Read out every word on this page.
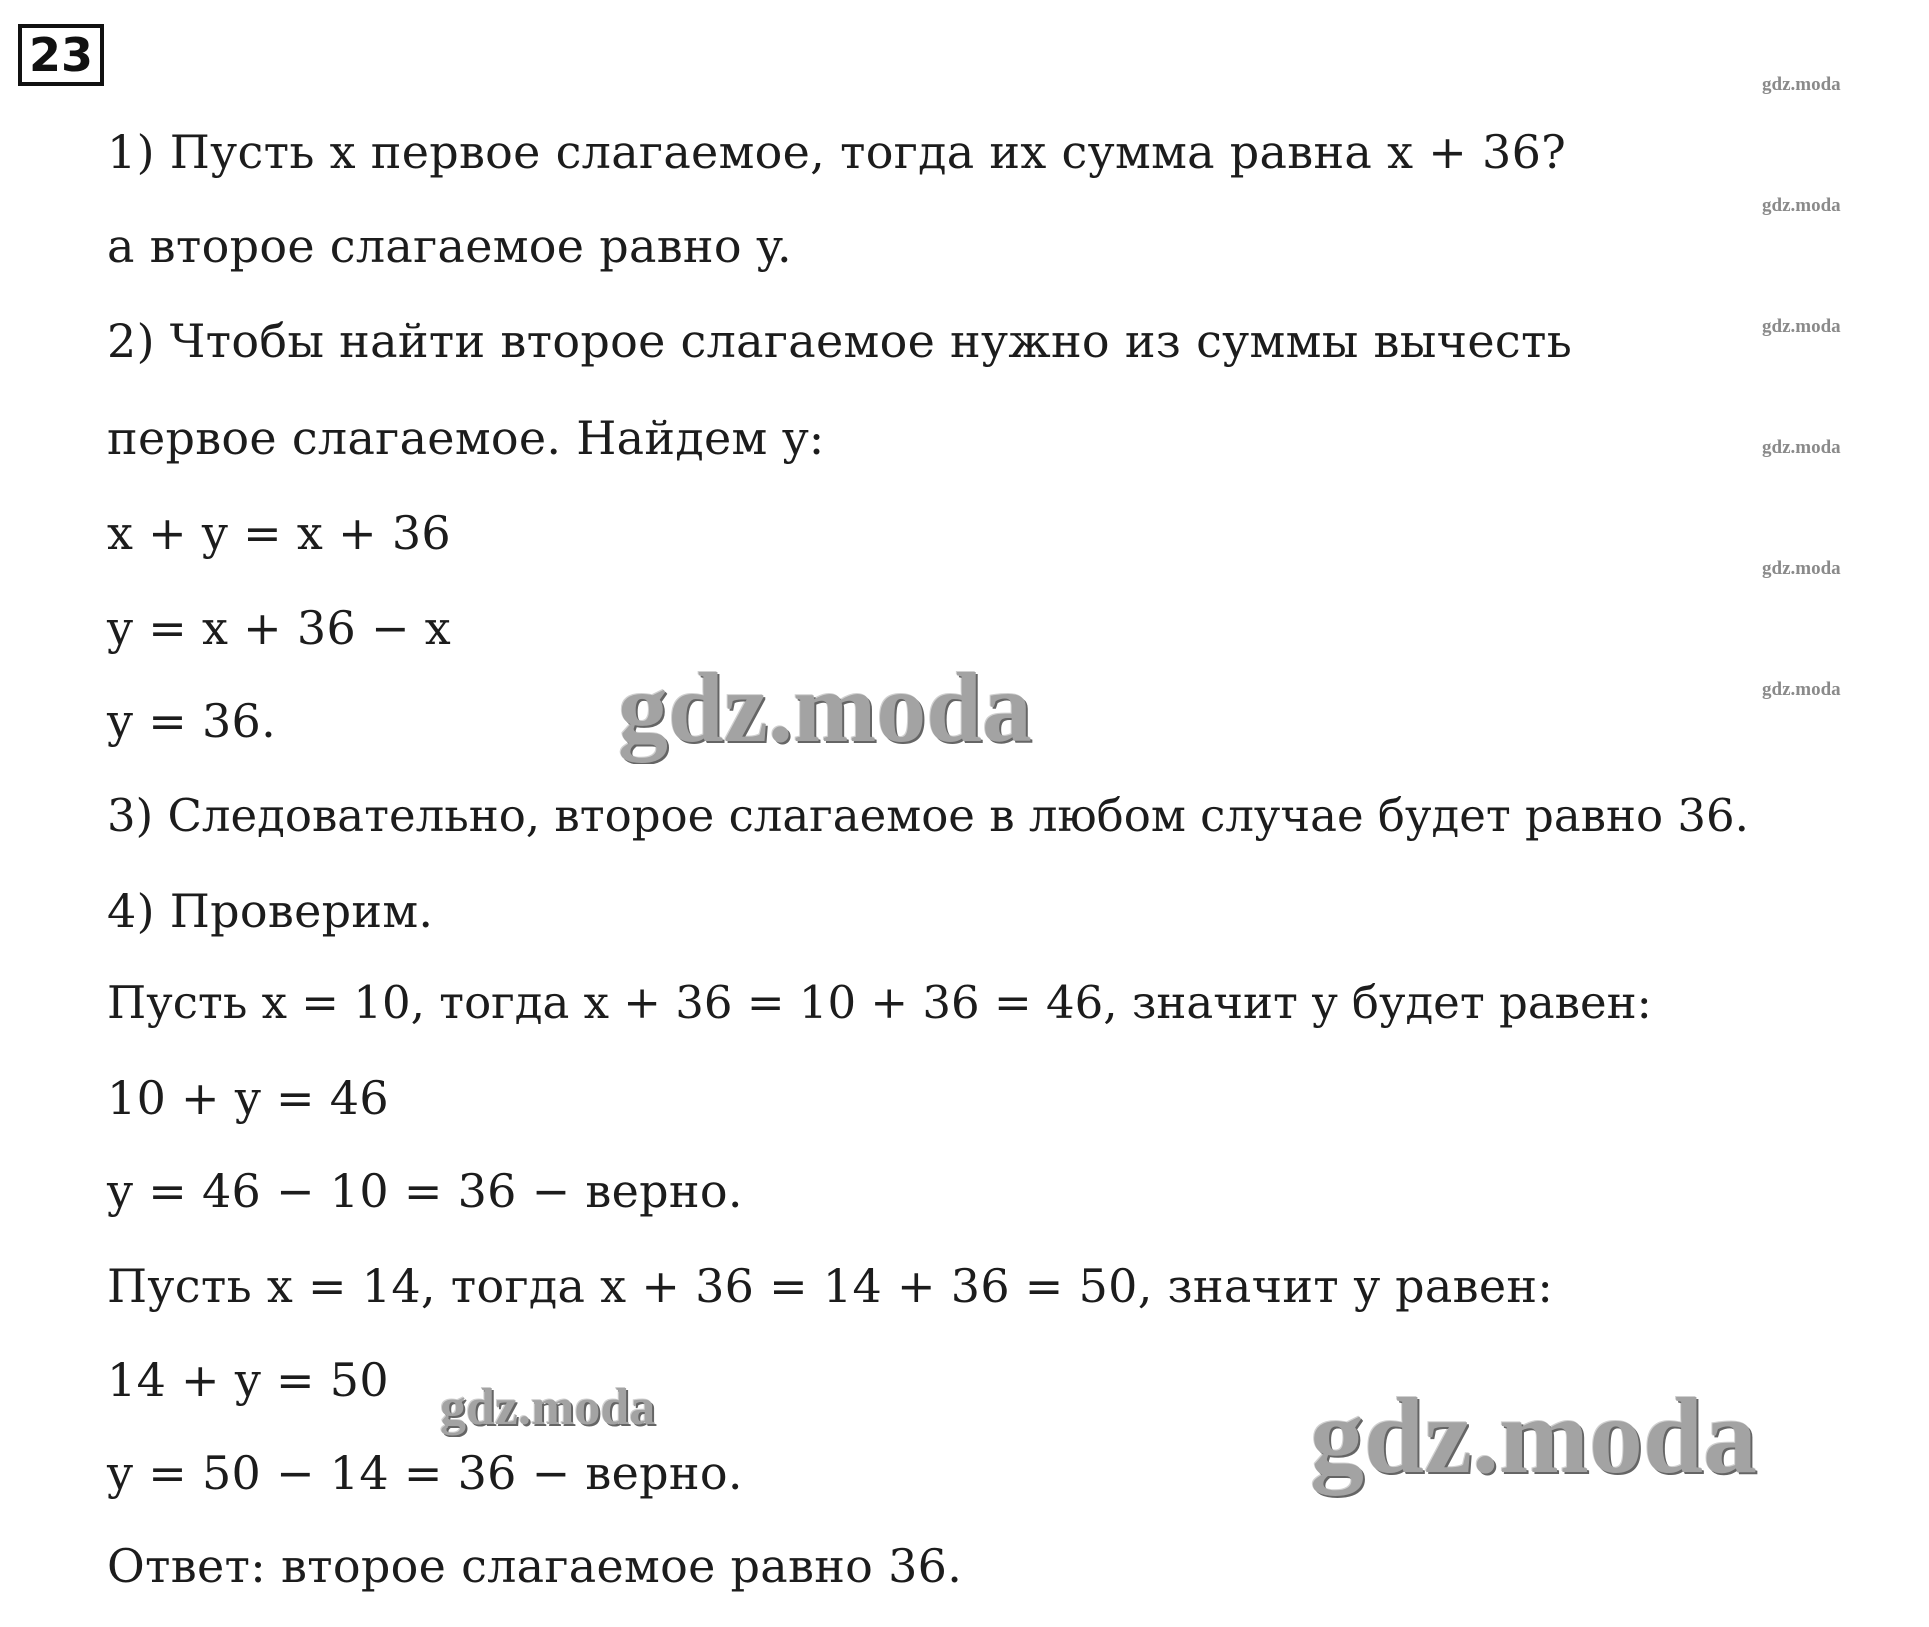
23
1) Пусть x первое слагаемое, тогда их сумма равна x + 36?
а второе слагаемое равно y.
2) Чтобы найти второе слагаемое нужно из суммы вычесть
первое слагаемое. Найдем y:
x + y = x + 36
y = x + 36 − x
y = 36.
3) Следовательно, второе слагаемое в любом случае будет равно 36.
4) Проверим.
Пусть x = 10, тогда x + 36 = 10 + 36 = 46, значит y будет равен:
10 + y = 46
y = 46 − 10 = 36 − верно.
Пусть x = 14, тогда x + 36 = 14 + 36 = 50, значит y равен:
14 + y = 50
y = 50 − 14 = 36 − верно.
Ответ: второе слагаемое равно 36.
gdz.moda
gdz.moda
gdz.moda
gdz.moda
gdz.moda
gdz.moda
gdz.moda
gdz.moda	gdz.moda
